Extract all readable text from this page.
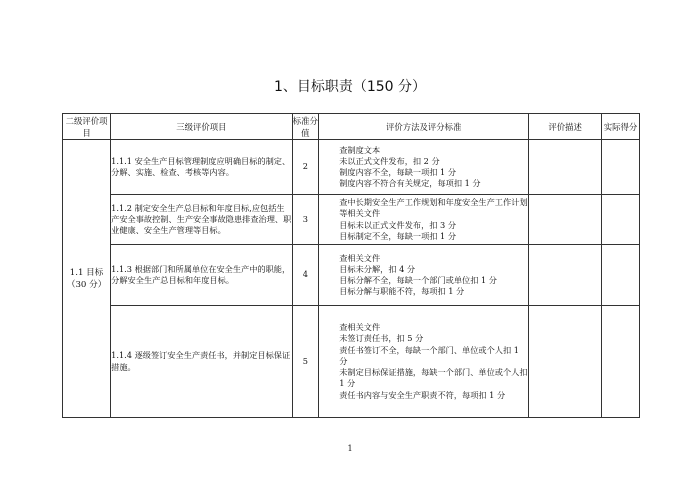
1、目标职责（150 分）
二级评价项目	三级评价项目	标准分值	评价方法及评分标准	评价描述	实际得分
1.1 目标（30 分）	1.1.1 安全生产目标管理制度应明确目标的制定、分解、实施、检查、考核等内容。	2	查制度文本
未以正式文件发布，扣 2 分
制度内容不全，每缺一项扣 1 分
制度内容不符合有关规定，每项扣 1 分		

	1.1.2 制定安全生产总目标和年度目标,应包括生产安全事故控制、生产安全事故隐患排查治理、职业健康、安全生产管理等目标。	3	查中长期安全生产工作规划和年度安全生产工作计划等相关文件
目标未以正式文件发布，扣 3 分
目标制定不全，每缺一项扣 1 分		

	1.1.3 根据部门和所属单位在安全生产中的职能，分解安全生产总目标和年度目标。	4	查相关文件
目标未分解，扣 4 分
目标分解不全，每缺一个部门或单位扣 1 分
目标分解与职能不符，每项扣 1 分		

	1.1.4 逐级签订安全生产责任书，并制定目标保证措施。	5	查相关文件
未签订责任书，扣 5 分
责任书签订不全，每缺一个部门、单位或个人扣 1 分
未制定目标保证措施，每缺一个部门、单位或个人扣 1 分
责任书内容与安全生产职责不符，每项扣 1 分		

1
